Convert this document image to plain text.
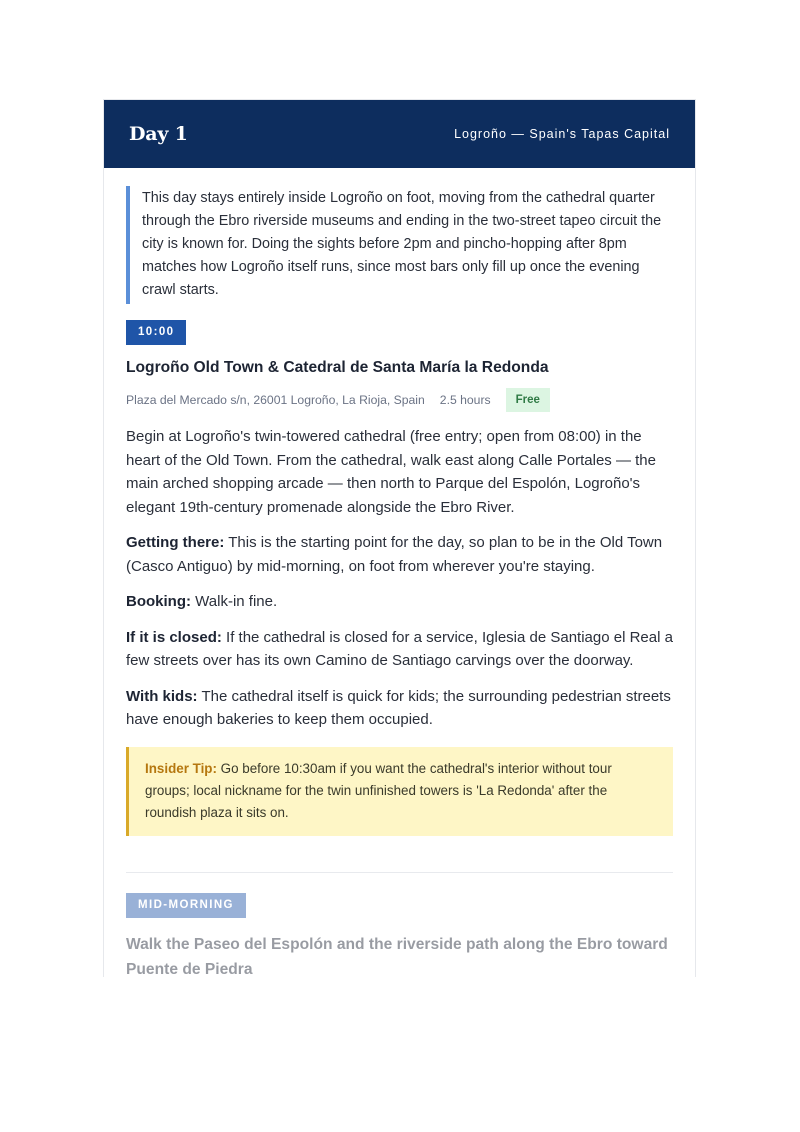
Day 1	Logroño — Spain's Tapas Capital
This day stays entirely inside Logroño on foot, moving from the cathedral quarter through the Ebro riverside museums and ending in the two-street tapeo circuit the city is known for. Doing the sights before 2pm and pincho-hopping after 8pm matches how Logroño itself runs, since most bars only fill up once the evening crawl starts.
10:00
Logroño Old Town & Catedral de Santa María la Redonda
Plaza del Mercado s/n, 26001 Logroño, La Rioja, Spain 2.5 hours	Free

Begin at Logroño's twin-towered cathedral (free entry; open from 08:00) in the heart of the Old Town. From the cathedral, walk east along Calle Portales — the main arched shopping arcade — then north to Parque del Espolón, Logroño's elegant 19th-century promenade alongside the Ebro River.

Getting there: This is the starting point for the day, so plan to be in the Old Town (Casco Antiguo) by mid-morning, on foot from wherever you're staying.

Booking: Walk-in fine.

If it is closed: If the cathedral is closed for a service, Iglesia de Santiago el Real a few streets over has its own Camino de Santiago carvings over the doorway.

With kids: The cathedral itself is quick for kids; the surrounding pedestrian streets have enough bakeries to keep them occupied.

Insider Tip: Go before 10:30am if you want the cathedral's interior without tour groups; local nickname for the twin unfinished towers is 'La Redonda' after the roundish plaza it sits on.
MID-MORNING
Walk the Paseo del Espolón and the riverside path along the Ebro toward Puente de Piedra
